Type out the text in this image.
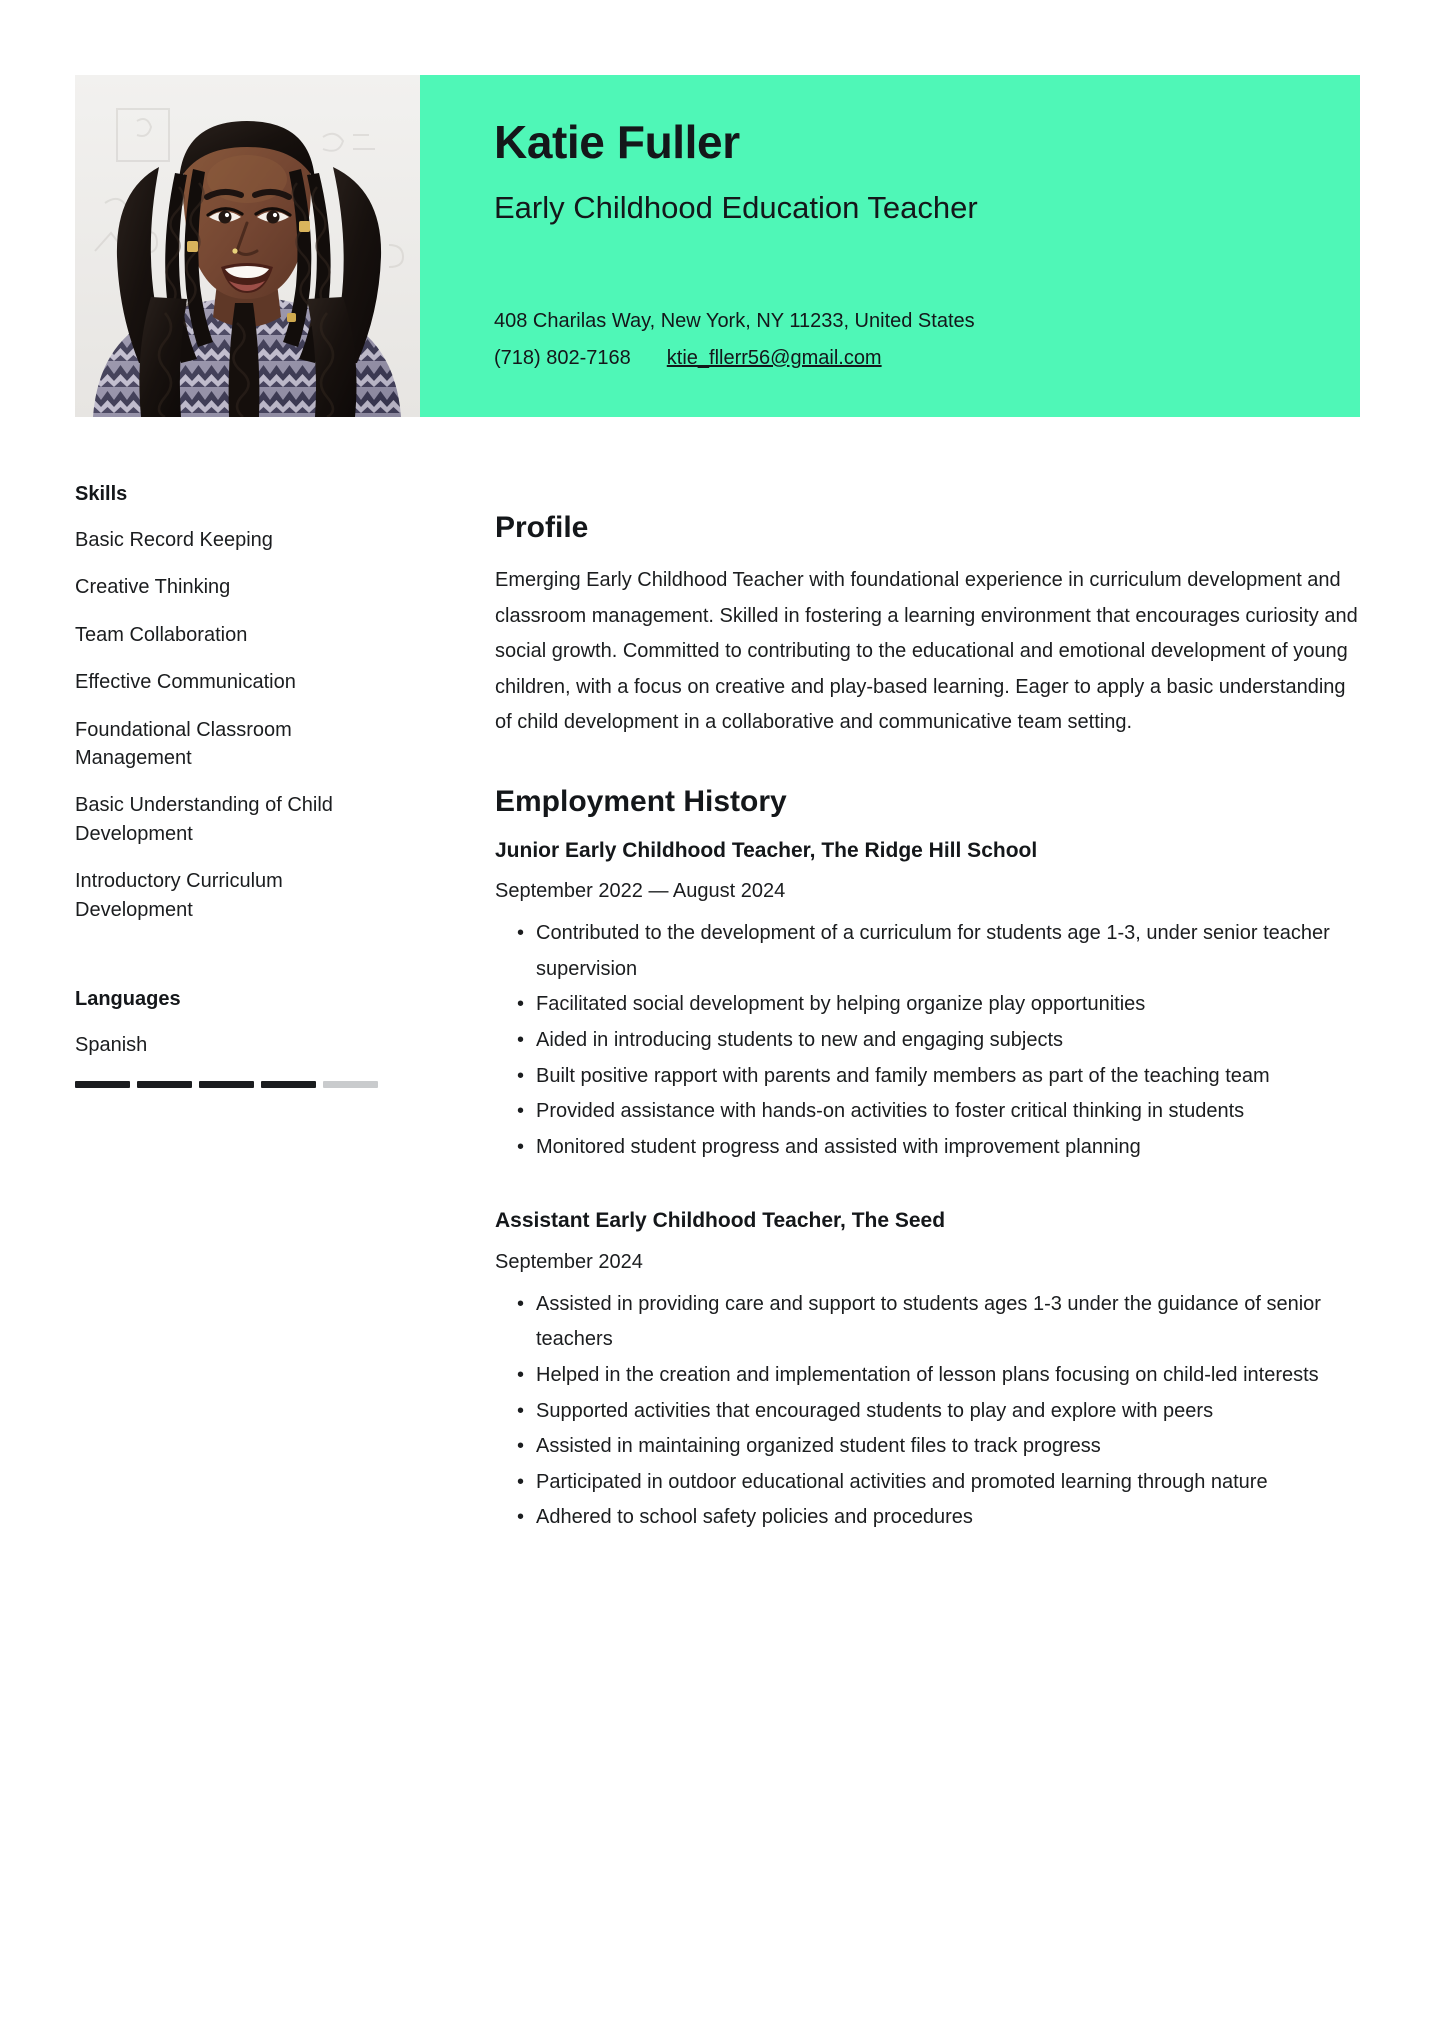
Katie Fuller
Early Childhood Education Teacher
408 Charilas Way, New York, NY 11233, United States
(718) 802-7168 ktie_fllerr56@gmail.com
Skills
Basic Record Keeping
Creative Thinking
Team Collaboration
Effective Communication
Foundational Classroom Management
Basic Understanding of Child Development
Introductory Curriculum Development
Languages
Spanish
Profile

Emerging Early Childhood Teacher with foundational experience in curriculum development and classroom management. Skilled in fostering a learning environment that encourages curiosity and social growth. Committed to contributing to the educational and emotional development of young children, with a focus on creative and play-based learning. Eager to apply a basic understanding of child development in a collaborative and communicative team setting.

Employment History
Junior Early Childhood Teacher, The Ridge Hill School
September 2022 — August 2024
• Contributed to the development of a curriculum for students age 1-3, under senior teacher supervision
• Facilitated social development by helping organize play opportunities
• Aided in introducing students to new and engaging subjects
• Built positive rapport with parents and family members as part of the teaching team
• Provided assistance with hands-on activities to foster critical thinking in students
• Monitored student progress and assisted with improvement planning
Assistant Early Childhood Teacher, The Seed
September 2024
• Assisted in providing care and support to students ages 1-3 under the guidance of senior teachers
• Helped in the creation and implementation of lesson plans focusing on child-led interests
• Supported activities that encouraged students to play and explore with peers
• Assisted in maintaining organized student files to track progress
• Participated in outdoor educational activities and promoted learning through nature
• Adhered to school safety policies and procedures
